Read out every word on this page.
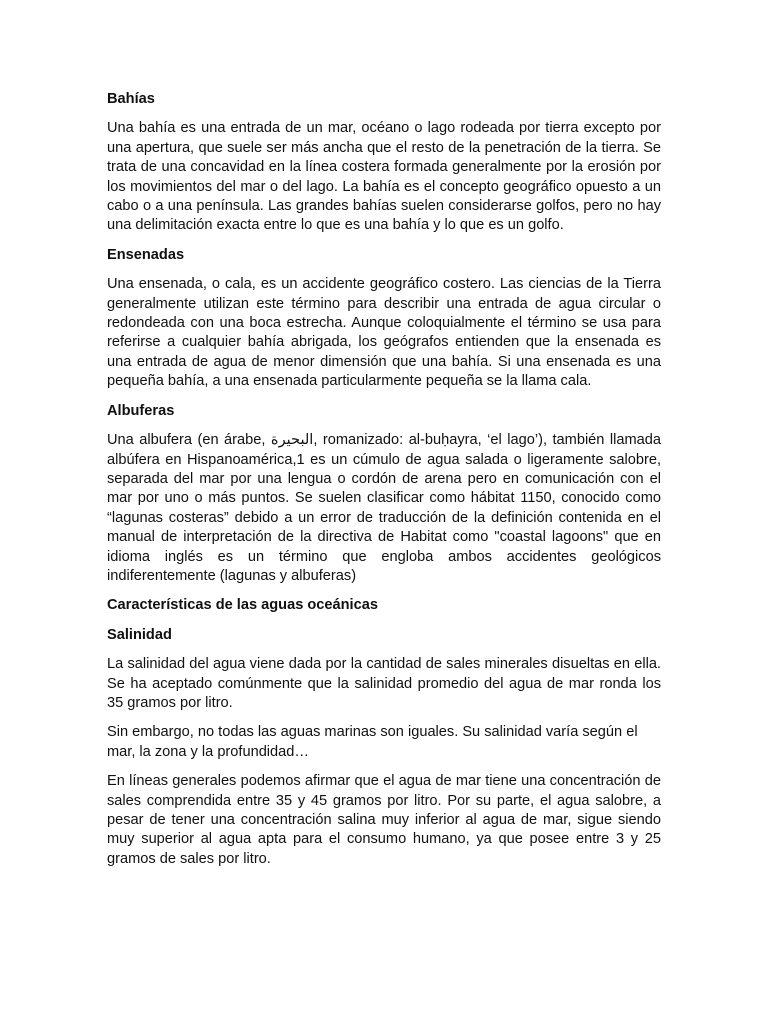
Bahías

Una bahía es una entrada de un mar, océano o lago rodeada por tierra excepto por una apertura, que suele ser más ancha que el resto de la penetración de la tierra. Se trata de una concavidad en la línea costera formada generalmente por la erosión por los movimientos del mar o del lago. La bahía es el concepto geográfico opuesto a un cabo o a una península. Las grandes bahías suelen considerarse golfos, pero no hay una delimitación exacta entre lo que es una bahía y lo que es un golfo.

Ensenadas

Una ensenada, o cala, es un accidente geográfico costero. Las ciencias de la Tierra generalmente utilizan este término para describir una entrada de agua circular o redondeada con una boca estrecha. Aunque coloquialmente el término se usa para referirse a cualquier bahía abrigada, los geógrafos entienden que la ensenada es una entrada de agua de menor dimensión que una bahía. Si una ensenada es una pequeña bahía, a una ensenada particularmente pequeña se la llama cala.

Albuferas

Una albufera (en árabe, البحيرة, romanizado: al-buḥayra, ‘el lago’), también llamada albúfera en Hispanoamérica,1 es un cúmulo de agua salada o ligeramente salobre, separada del mar por una lengua o cordón de arena pero en comunicación con el mar por uno o más puntos. Se suelen clasificar como hábitat 1150, conocido como “lagunas costeras” debido a un error de traducción de la definición contenida en el manual de interpretación de la directiva de Habitat como "coastal lagoons" que en idioma inglés es un término que engloba ambos accidentes geológicos indiferentemente (lagunas y albuferas)

Características de las aguas oceánicas
Salinidad

La salinidad del agua viene dada por la cantidad de sales minerales disueltas en ella. Se ha aceptado comúnmente que la salinidad promedio del agua de mar ronda los 35 gramos por litro.

Sin embargo, no todas las aguas marinas son iguales. Su salinidad varía según el mar, la zona y la profundidad…

En líneas generales podemos afirmar que el agua de mar tiene una concentración de sales comprendida entre 35 y 45 gramos por litro. Por su parte, el agua salobre, a pesar de tener una concentración salina muy inferior al agua de mar, sigue siendo muy superior al agua apta para el consumo humano, ya que posee entre 3 y 25 gramos de sales por litro.
